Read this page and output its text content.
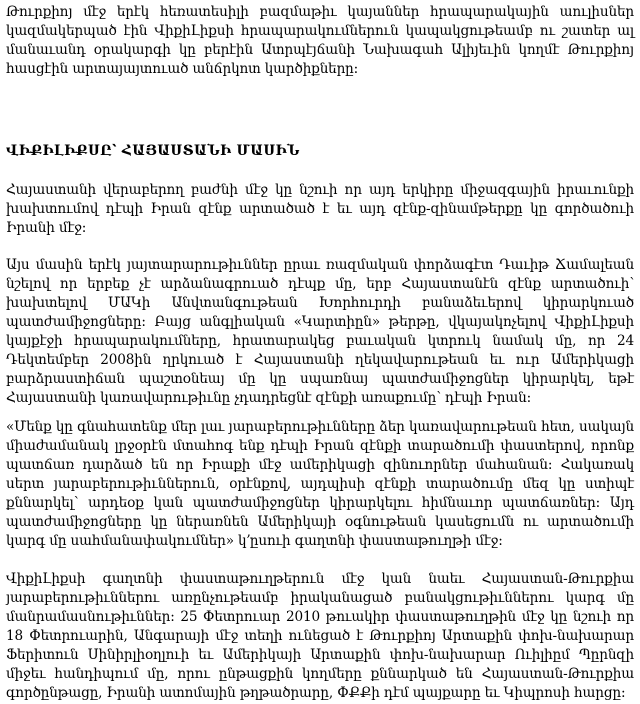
Թուրքիոյ մէջ երէկ հեռատեսիլի բազմաթիւ կայաններ հրապարակային աուլիսներ կազմակերպած էին ՎիքիԼիքսի հրապարակումներուն կապակցութեամբ ու շատեր ալ մանաւանդ օրակարգի կը բերէին Ատրպէյճանի Նախագահ Ալիյեւին կողմէ Թուրքիոյ հասցէին արտայայտուած անճրկոտ կարծիքները:

ՎԻՔԻԼԻՔՍԸ՝ ՀԱՅԱՍՏԱՆԻ ՄԱՍԻՆ

Հայաստանի վերաբերող բաժնի մէջ կը նշուի որ այդ երկիրը միջազգային իրաւունքի խախտումով դէպի Իրան զէնք արտածած է եւ այդ զէնք-զինամթերքը կը գործածուի Իրանի մէջ:

Այս մասին երէկ յայտարարութիւններ ըրաւ ռազմական փորձագէտ Դաւիթ Ճամալեան նշելով որ երբեք չէ արձանագրուած դէպք մը, երբ Հայաստանէն զէնք արտածուի՝ խախտելով ՄԱԿի Անվտանգութեան Խորհուրդի բանաձեւերով կիրարկուած պատժամիջոցները: Բայց անգլիական «Կարտիըն» թերթը, վկայակոչելով ՎիքիԼիքսի կայքէջի հրապարակումները, հրատարակեց բաւական կտրուկ նամակ մը, որ 24 Դեկտեմբեր 2008ին ղրկուած է Հայաստանի ղեկավարութեան եւ ուր Ամերիկացի բարձրաստիճան պաշտօնեայ մը կը սպառնայ պատժամիջոցներ կիրարկել, եթէ Հայաստանի կառավարութիւնը չդադրեցնէ զէնքի առաքումը՝ դէպի Իրան:

«Մենք կը գնահատենք մեր լաւ յարաբերութիւնները ձեր կառավարութեան հետ, սակայն միաժամանակ լրջօրէն մտահոգ ենք դէպի Իրան զէնքի տարածումի փաստերով, որոնք պատճառ դարձած են որ Իրաքի մէջ ամերիկացի զինուորներ մահանան: Հակառակ սերտ յարաբերութիւններուն, օրէնքով, այդպիսի զէնքի տարածումը մեզ կը ստիպէ քննարկել՝ արդեօք կան պատժամիջոցներ կիրարկելու հիմնաւոր պատճառներ: Այդ պատժամիջոցները կը ներառնեն Ամերիկայի օգնութեան կասեցումն ու արտածումի կարգ մը սահմանափակումներ» կ՚ըսուի գաղտնի փաստաթուղթի մէջ:

ՎիքիԼիքսի գաղտնի փաստաթուղթերուն մէջ կան նաեւ Հայաստան-Թուրքիա յարաբերութիւններու առընչութեամբ իրականացած բանակցութիւններու կարգ մը մանրամասնութիւններ: 25 Փետրուար 2010 թուակիր փաստաթուղթին մէջ կը նշուի որ 18 Փետրուարին, Անգարայի մէջ տեղի ունեցած է Թուրքիոյ Արտաքին փոխ-նախարար Ֆերիտուն Սինիրլիօղլուի եւ Ամերիկայի Արտաքին փոխ-նախարար Ուիլիըմ Պըրնզի միջեւ հանդիպում մը, որու ընթացքին կողմերը քննարկած են Հայաստան-Թուրքիա գործընթացը, Իրանի ատոմային թղթածրարը, ՓՔՔի դէմ պայքարը եւ Կիպրոսի հարցը:
